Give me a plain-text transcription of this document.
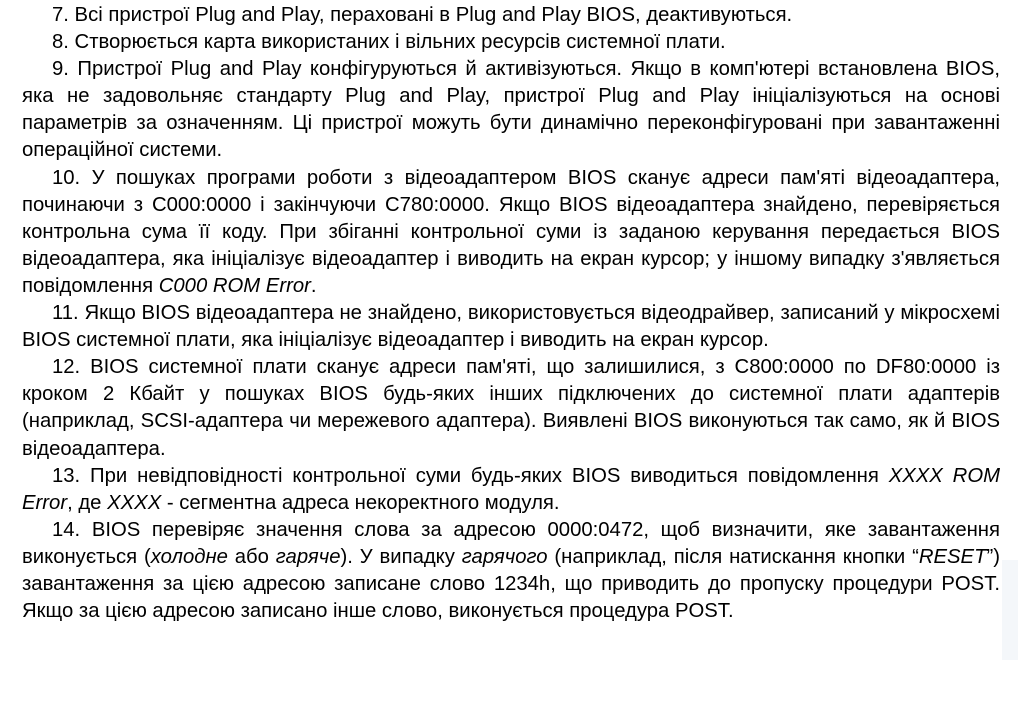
7. Всі пристрої Plug and Play, пераховані в Plug and Play BIOS, деактивуються.

8. Створюється карта використаних і вільних ресурсів системної плати.

9. Пристрої Plug and Play конфігуруються й активізуються. Якщо в комп'ютері встановлена BIOS, яка не задовольняє стандарту Plug and Play, пристрої Plug and Play ініціалізуються на основі параметрів за означенням. Ці пристрої можуть бути динамічно переконфігуровані при завантаженні операційної системи.

10. У пошуках програми роботи з відеоадаптером BIOS сканує адреси пам'яті відеоадаптера, починаючи з C000:0000 і закінчуючи C780:0000. Якщо BIOS відеоадаптера знайдено, перевіряється контрольна сума її коду. При збіганні контрольної суми із заданою керування передається BIOS відеоадаптера, яка ініціалізує відеоадаптер і виводить на екран курсор; у іншому випадку з'являється повідомлення C000 ROM Error.

11. Якщо BIOS відеоадаптера не знайдено, використовується відеодрайвер, записаний у мікросхемі BIOS системної плати, яка ініціалізує відеоадаптер і виводить на екран курсор.

12. BIOS системної плати сканує адреси пам'яті, що залишилися, з C800:0000 по DF80:0000 із кроком 2 Кбайт у пошуках BIOS будь-яких інших підключених до системної плати адаптерів (наприклад, SCSI-адаптера чи мережевого адаптера). Виявлені BIOS виконуються так само, як й BIOS відеоадаптера.

13. При невідповідності контрольної суми будь-яких BIOS виводиться повідомлення XXXX ROM Error, де XXXX - сегментна адреса некоректного модуля.

14. BIOS перевіряє значення слова за адресою 0000:0472, щоб визначити, яке завантаження виконується (холодне або гаряче). У випадку гарячого (наприклад, після натискання кнопки “RESET”) завантаження за цією адресою записане слово 1234h, що приводить до пропуску процедури POST. Якщо за цією адресою записано інше слово, виконується процедура POST.
